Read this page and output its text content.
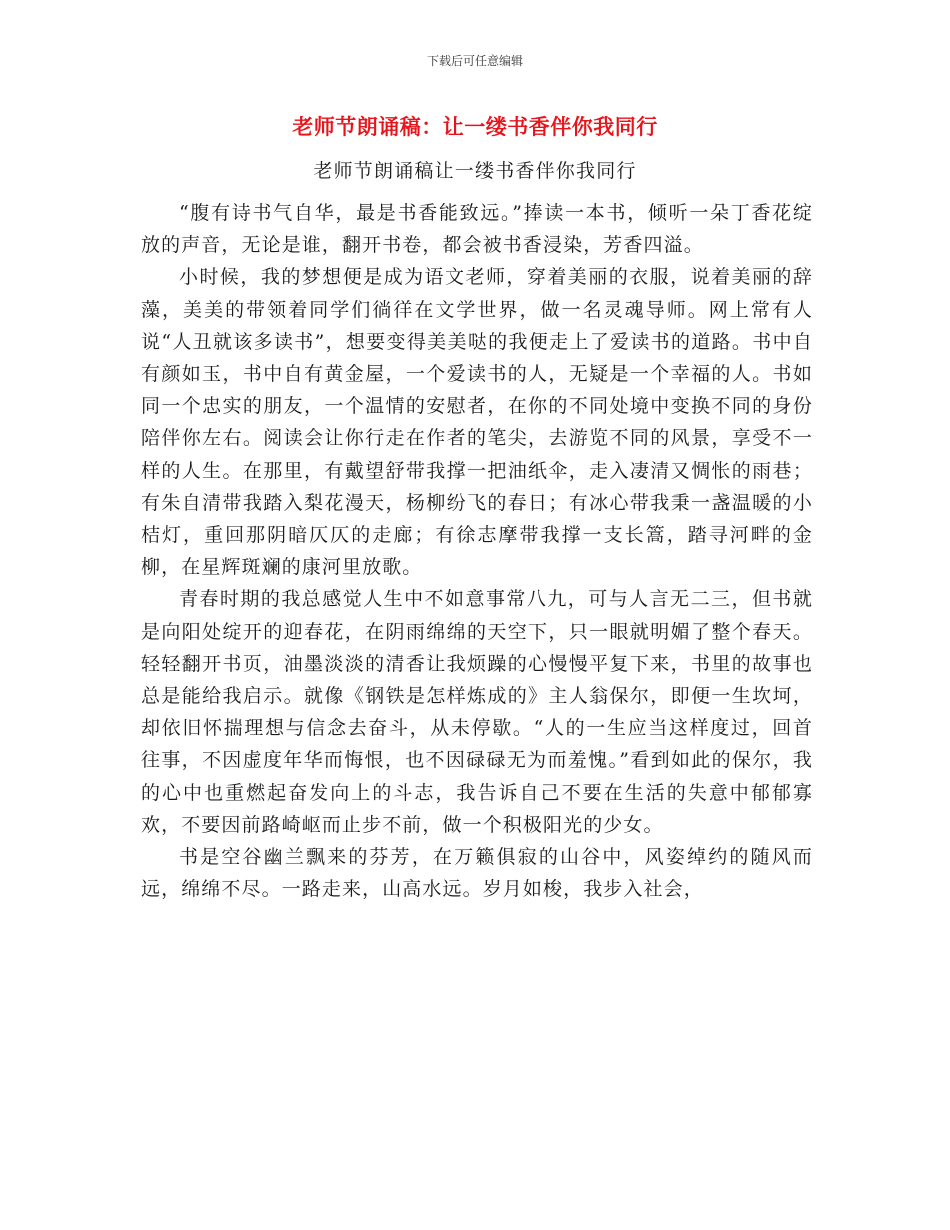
下载后可任意编辑
老师节朗诵稿：让一缕书香伴你我同行
老师节朗诵稿让一缕书香伴你我同行

“腹有诗书气自华，最是书香能致远。”捧读一本书，倾听一朵丁香花绽放的声音，无论是谁，翻开书卷，都会被书香浸染，芳香四溢。

小时候，我的梦想便是成为语文老师，穿着美丽的衣服，说着美丽的辞藻，美美的带领着同学们徜徉在文学世界，做一名灵魂导师。网上常有人说“人丑就该多读书”，想要变得美美哒的我便走上了爱读书的道路。书中自有颜如玉，书中自有黄金屋，一个爱读书的人，无疑是一个幸福的人。书如同一个忠实的朋友，一个温情的安慰者，在你的不同处境中变换不同的身份陪伴你左右。阅读会让你行走在作者的笔尖，去游览不同的风景，享受不一样的人生。在那里，有戴望舒带我撑一把油纸伞，走入凄清又惆怅的雨巷；有朱自清带我踏入梨花漫天，杨柳纷飞的春日；有冰心带我秉一盏温暖的小桔灯，重回那阴暗仄仄的走廊；有徐志摩带我撑一支长篙，踏寻河畔的金柳，在星辉斑斓的康河里放歌。

青春时期的我总感觉人生中不如意事常八九，可与人言无二三，但书就是向阳处绽开的迎春花，在阴雨绵绵的天空下，只一眼就明媚了整个春天。轻轻翻开书页，油墨淡淡的清香让我烦躁的心慢慢平复下来，书里的故事也总是能给我启示。就像《钢铁是怎样炼成的》主人翁保尔，即便一生坎坷，却依旧怀揣理想与信念去奋斗，从未停歇。“人的一生应当这样度过，回首往事，不因虚度年华而悔恨，也不因碌碌无为而羞愧。”看到如此的保尔，我的心中也重燃起奋发向上的斗志，我告诉自己不要在生活的失意中郁郁寡欢，不要因前路崎岖而止步不前，做一个积极阳光的少女。

书是空谷幽兰飘来的芬芳，在万籁俱寂的山谷中，风姿绰约的随风而远，绵绵不尽。一路走来，山高水远。岁月如梭，我步入社会，
